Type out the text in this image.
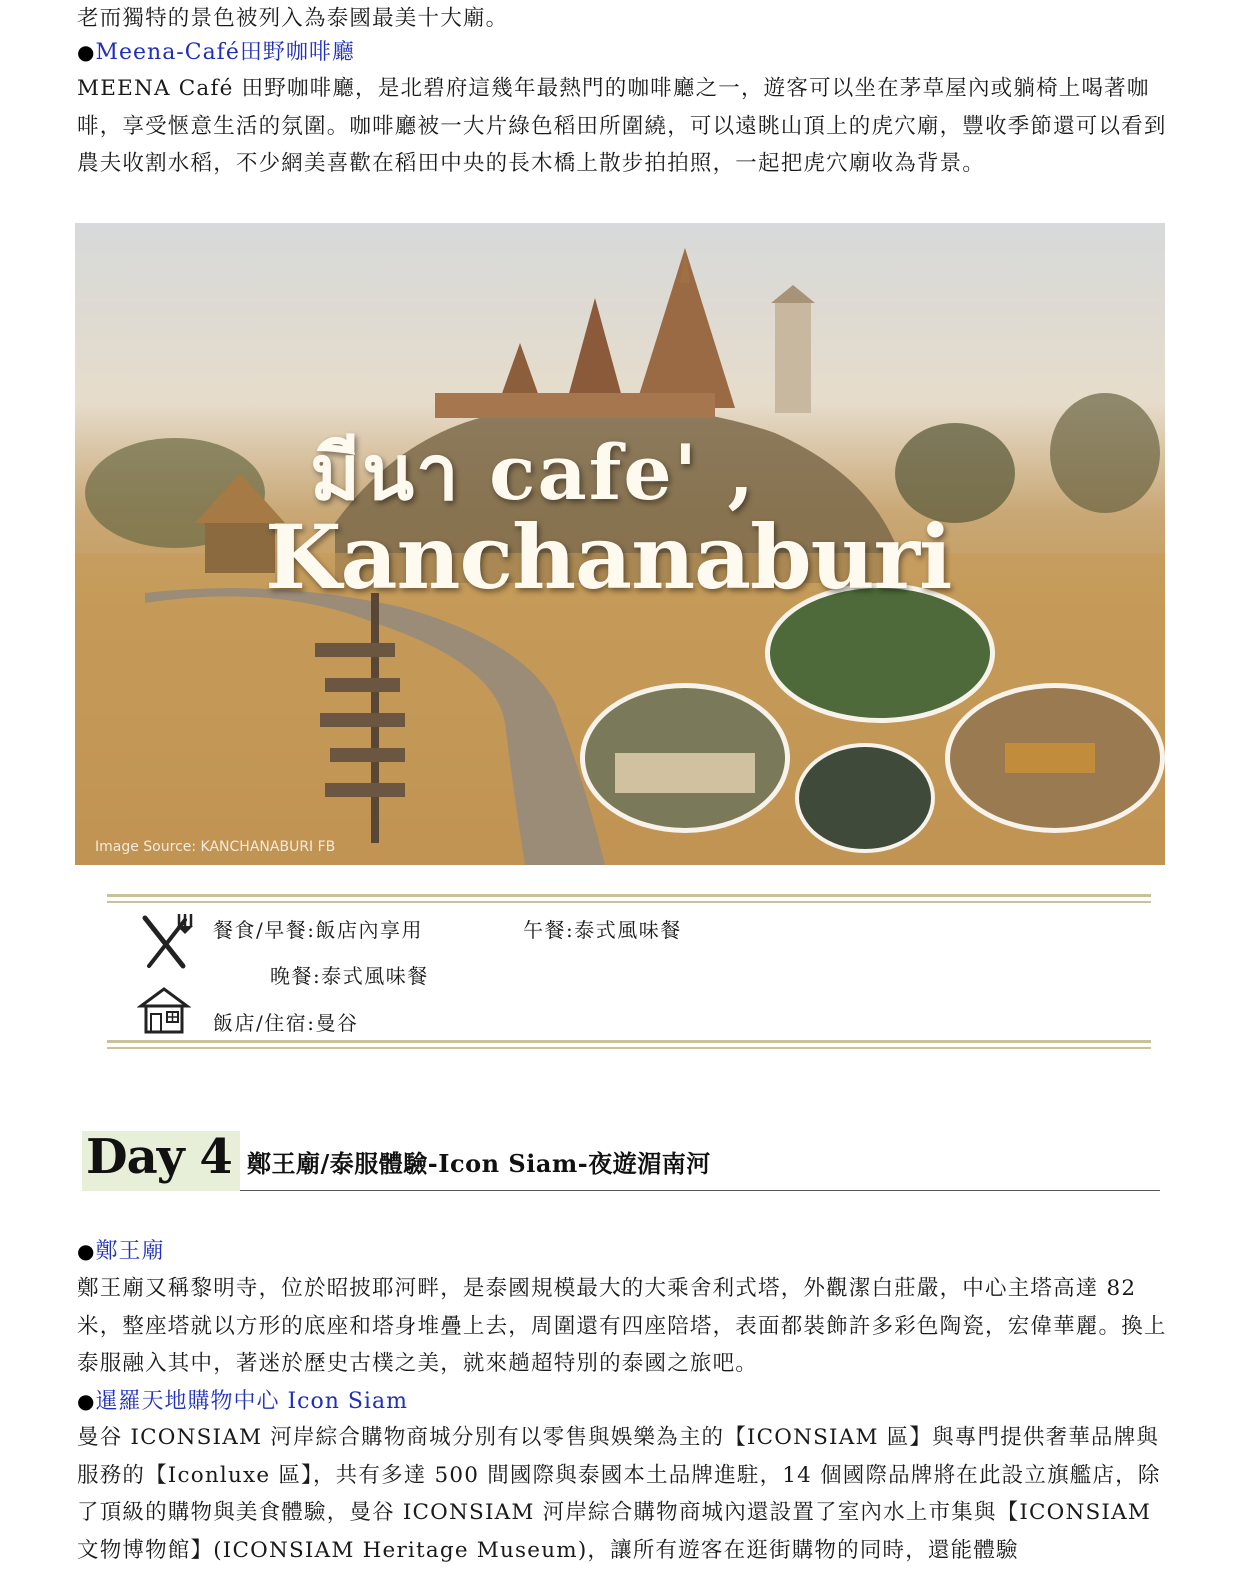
老而獨特的景色被列入為泰國最美十大廟。

●Meena-Café田野咖啡廳

MEENA Café 田野咖啡廳，是北碧府這幾年最熱門的咖啡廳之一，遊客可以坐在茅草屋內或躺椅上喝著咖啡，享受愜意生活的氛圍。咖啡廳被一大片綠色稻田所圍繞，可以遠眺山頂上的虎穴廟，豐收季節還可以看到農夫收割水稻，不少網美喜歡在稻田中央的長木橋上散步拍拍照，一起把虎穴廟收為背景。

มีนา cafe' ,
Kanchanaburi
Image Source: KANCHANABURI FB
餐食/早餐:飯店內享用	午餐:泰式風味餐
晚餐:泰式風味餐
飯店/住宿:曼谷
Day 4 鄭王廟/泰服體驗-Icon Siam-夜遊湄南河
●鄭王廟

鄭王廟又稱黎明寺，位於昭披耶河畔，是泰國規模最大的大乘舍利式塔，外觀潔白莊嚴，中心主塔高達 82 米，整座塔就以方形的底座和塔身堆疊上去，周圍還有四座陪塔，表面都裝飾許多彩色陶瓷，宏偉華麗。換上泰服融入其中，著迷於歷史古樸之美，就來趟超特別的泰國之旅吧。

●暹羅天地購物中心 Icon Siam

曼谷 ICONSIAM 河岸綜合購物商城分別有以零售與娛樂為主的【ICONSIAM 區】與專門提供奢華品牌與服務的【Iconluxe 區】，共有多達 500 間國際與泰國本土品牌進駐，14 個國際品牌將在此設立旗艦店，除了頂級的購物與美食體驗，曼谷 ICONSIAM 河岸綜合購物商城內還設置了室內水上市集與【ICONSIAM 文物博物館】(ICONSIAM Heritage Museum)，讓所有遊客在逛街購物的同時，還能體驗
